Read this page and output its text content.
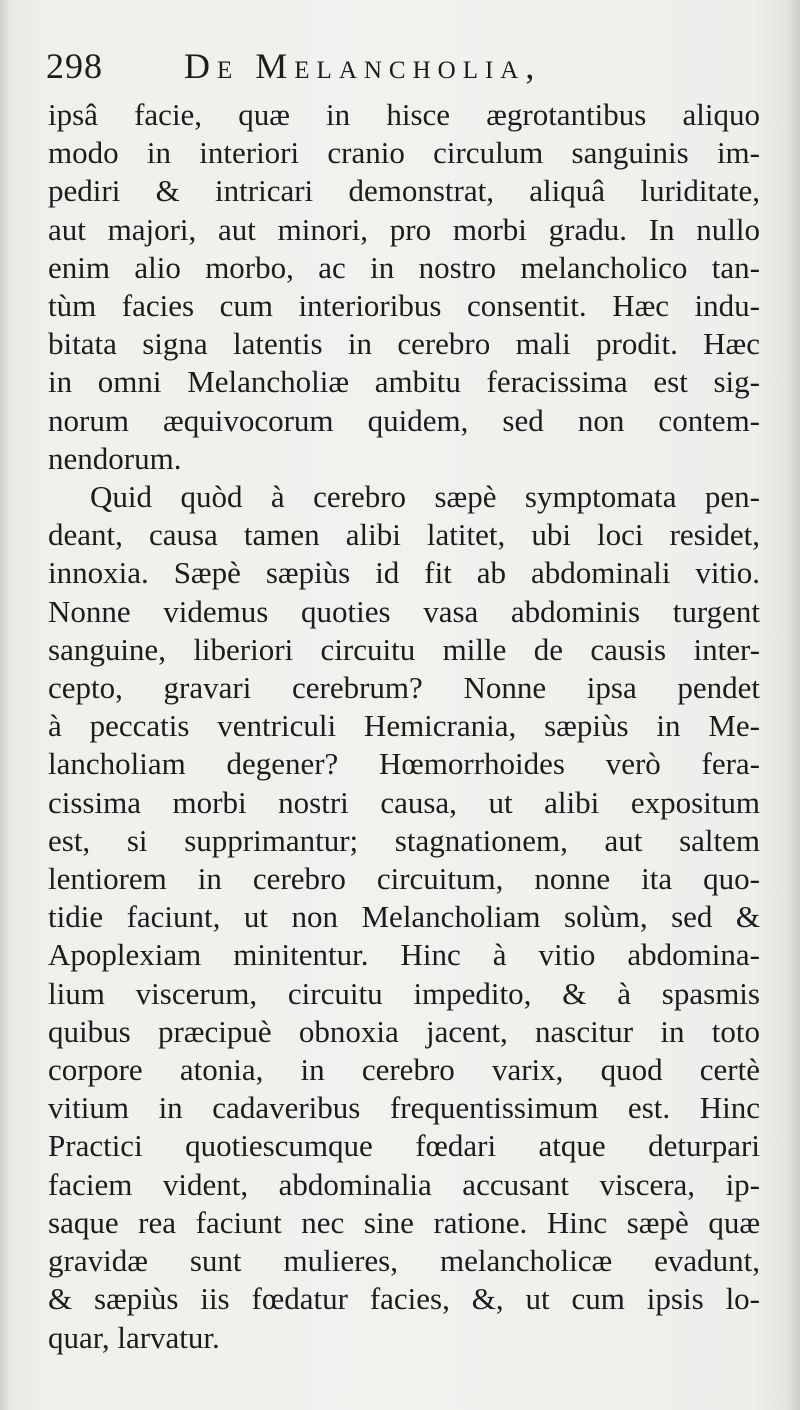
298 De Melancholia,
ipsâ facie, quæ in hisce ægrotantibus aliquo
modo in interiori cranio circulum sanguinis im-
pediri & intricari demonstrat, aliquâ luriditate,
aut majori, aut minori, pro morbi gradu. In nullo
enim alio morbo, ac in nostro melancholico tan-
tùm facies cum interioribus consentit. Hæc indu-
bitata signa latentis in cerebro mali prodit. Hæc
in omni Melancholiæ ambitu feracissima est sig-
norum æquivocorum quidem, sed non contem-
nendorum.
Quid quòd à cerebro sæpè symptomata pen-
deant, causa tamen alibi latitet, ubi loci residet,
innoxia. Sæpè sæpiùs id fit ab abdominali vitio.
Nonne videmus quoties vasa abdominis turgent
sanguine, liberiori circuitu mille de causis inter-
cepto, gravari cerebrum? Nonne ipsa pendet
à peccatis ventriculi Hemicrania, sæpiùs in Me-
lancholiam degener? Hœmorrhoides verò fera-
cissima morbi nostri causa, ut alibi expositum
est, si supprimantur; stagnationem, aut saltem
lentiorem in cerebro circuitum, nonne ita quo-
tidie faciunt, ut non Melancholiam solùm, sed &
Apoplexiam minitentur. Hinc à vitio abdomina-
lium viscerum, circuitu impedito, & à spasmis
quibus præcipuè obnoxia jacent, nascitur in toto
corpore atonia, in cerebro varix, quod certè
vitium in cadaveribus frequentissimum est. Hinc
Practici quotiescumque fœdari atque deturpari
faciem vident, abdominalia accusant viscera, ip-
saque rea faciunt nec sine ratione. Hinc sæpè quæ
gravidæ sunt mulieres, melancholicæ evadunt,
& sæpiùs iis fœdatur facies, &, ut cum ipsis lo-
quar, larvatur.
